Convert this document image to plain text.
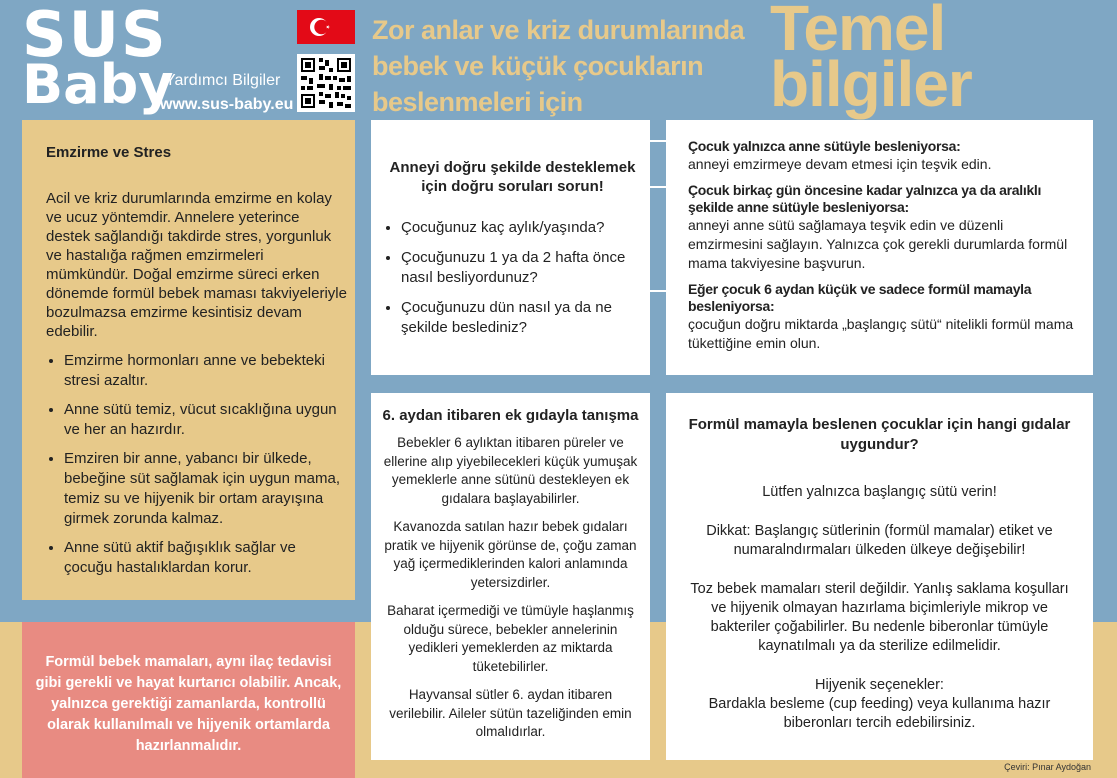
SUS
Baby
Yardımcı Bilgiler
www.sus-baby.eu
Zor anlar ve kriz durumlarında
bebek ve küçük çocukların
beslenmeleri için
Temel
bilgiler
Emzirme ve Stres

Acil ve kriz durumlarında emzirme en kolay ve ucuz yöntemdir. Annelere yeterince destek sağlandığı takdirde stres, yorgunluk ve hastalığa rağmen emzirmeleri mümkündür. Doğal emzirme süreci erken dönemde formül bebek maması takviyeleriyle bozulmazsa emzirme kesintisiz devam edebilir.

• Emzirme hormonları anne ve bebekteki stresi azaltır.
• Anne sütü temiz, vücut sıcaklığına uygun ve her an hazırdır.
• Emziren bir anne, yabancı bir ülkede, bebeğine süt sağlamak için uygun mama, temiz su ve hijyenik bir ortam arayışına girmek zorunda kalmaz.
• Anne sütü aktif bağışıklık sağlar ve çocuğu hastalıklardan korur.
Formül bebek mamaları, aynı ilaç tedavisi gibi gerekli ve hayat kurtarıcı olabilir. Ancak, yalnızca gerektiği zamanlarda, kontrollü olarak kullanılmalı ve hijyenik ortamlarda hazırlanmalıdır.
Anneyi doğru şekilde desteklemek için doğru soruları sorun!
• Çocuğunuz kaç aylık/yaşında?
• Çocuğunuzu 1 ya da 2 hafta önce nasıl besliyordunuz?
• Çocuğunuzu dün nasıl ya da ne şekilde beslediniz?
Çocuk yalnızca anne sütüyle besleniyorsa:
anneyi emzirmeye devam etmesi için teşvik edin.
Çocuk birkaç gün öncesine kadar yalnızca ya da aralıklı şekilde anne sütüyle besleniyorsa:
anneyi anne sütü sağlamaya teşvik edin ve düzenli emzirmesini sağlayın. Yalnızca çok gerekli durumlarda formül mama takviyesine başvurun.
Eğer çocuk 6 aydan küçük ve sadece formül mamayla besleniyorsa:
çocuğun doğru miktarda „başlangıç sütü“ nitelikli formül mama tükettiğine emin olun.
6. aydan itibaren ek gıdayla tanışma

Bebekler 6 aylıktan itibaren püreler ve ellerine alıp yiyebilecekleri küçük yumuşak yemeklerle anne sütünü destekleyen ek gıdalara başlayabilirler.

Kavanozda satılan hazır bebek gıdaları pratik ve hijyenik görünse de, çoğu zaman yağ içermediklerinden kalori anlamında yetersizdirler.

Baharat içermediği ve tümüyle haşlanmış olduğu sürece, bebekler annelerinin yedikleri yemeklerden az miktarda tüketebilirler.

Hayvansal sütler 6. aydan itibaren verilebilir. Aileler sütün tazeliğinden emin olmalıdırlar.

Formül mamayla beslenen çocuklar için hangi gıdalar uygundur?

Lütfen yalnızca başlangıç sütü verin!

Dikkat: Başlangıç sütlerinin (formül mamalar) etiket ve numaralndırmaları ülkeden ülkeye değişebilir!

Toz bebek mamaları steril değildir. Yanlış saklama koşulları ve hijyenik olmayan hazırlama biçimleriyle mikrop ve bakteriler çoğabilirler. Bu nedenle biberonlar tümüyle kaynatılmalı ya da sterilize edilmelidir.

Hijyenik seçenekler:

Bardakla besleme (cup feeding) veya kullanıma hazır biberonları tercih edebilirsiniz.

Çeviri: Pınar Aydoğan
